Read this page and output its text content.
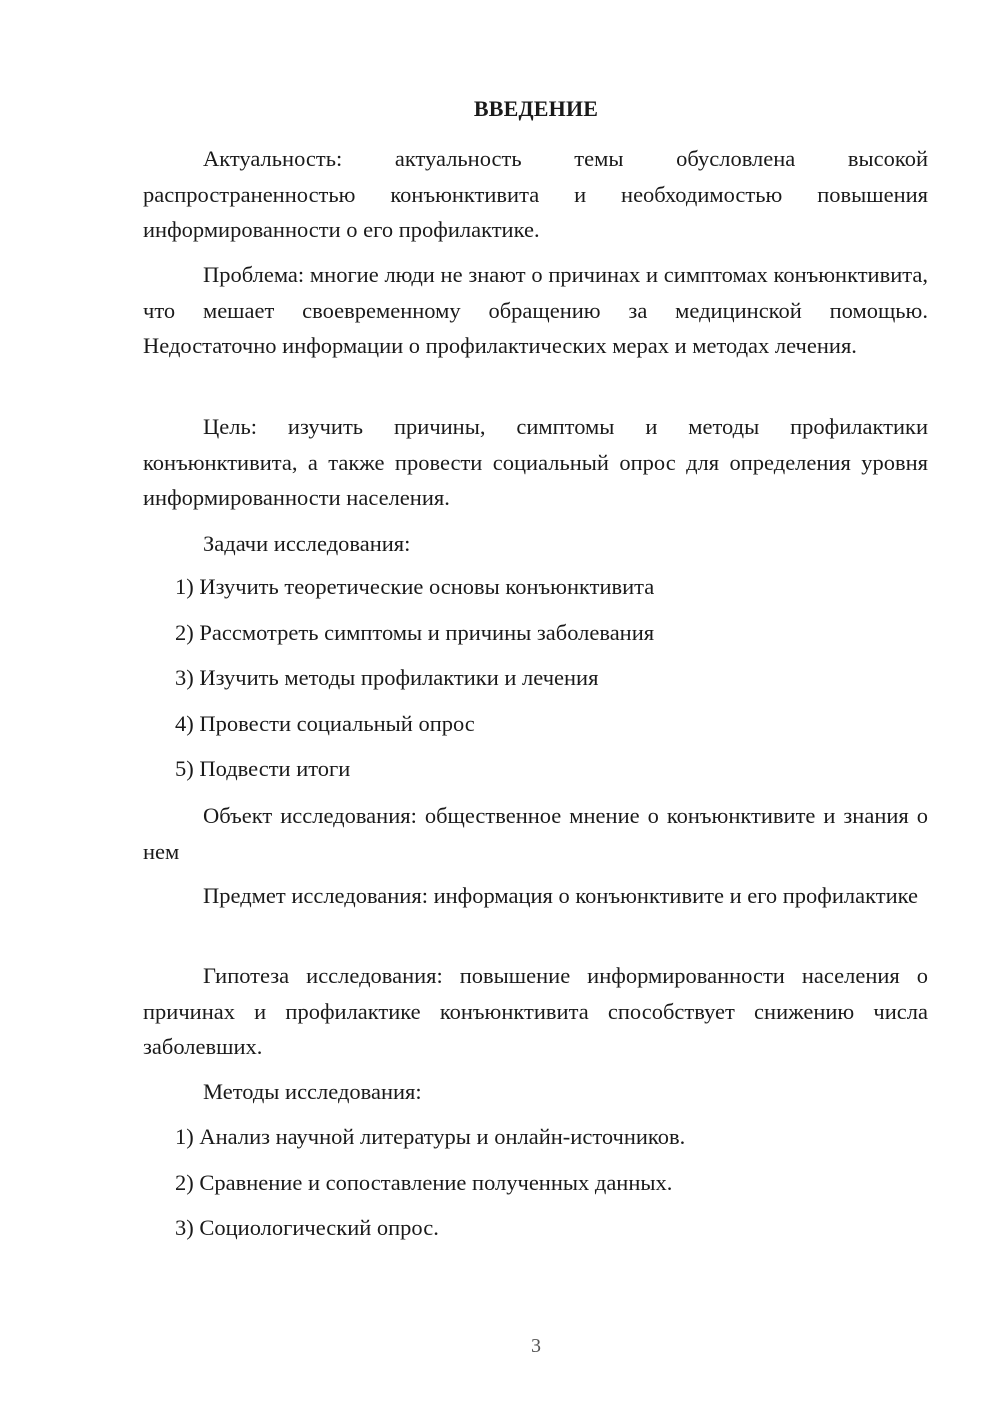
ВВЕДЕНИЕ

Актуальность: актуальность темы обусловлена высокой распространенностью конъюнктивита и необходимостью повышения информированности о его профилактике.

Проблема: многие люди не знают о причинах и симптомах конъюнктивита, что мешает своевременному обращению за медицинской помощью. Недостаточно информации о профилактических мерах и методах лечения.

Цель: изучить причины, симптомы и методы профилактики конъюнктивита, а также провести социальный опрос для определения уровня информированности населения.

Задачи исследования:

1) Изучить теоретические основы конъюнктивита

2) Рассмотреть симптомы и причины заболевания

3) Изучить методы профилактики и лечения

4) Провести социальный опрос

5) Подвести итоги

Объект исследования: общественное мнение о конъюнктивите и знания о нем

Предмет исследования: информация о конъюнктивите и его профилактике

Гипотеза исследования: повышение информированности населения о причинах и профилактике конъюнктивита способствует снижению числа заболевших.

Методы исследования:

1) Анализ научной литературы и онлайн-источников.

2) Сравнение и сопоставление полученных данных.

3) Социологический опрос.

3
